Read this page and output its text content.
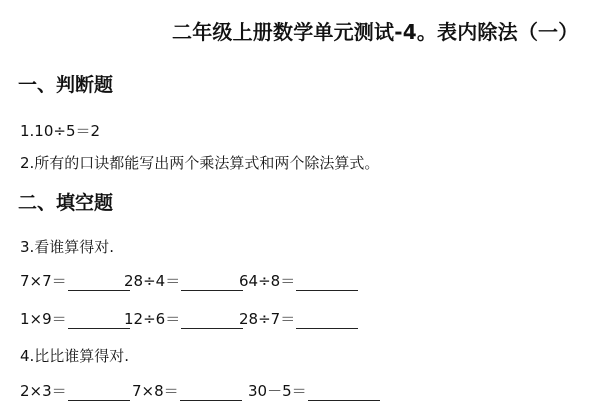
二年级上册数学单元测试-4。表内除法（一）
一、判断题
1.10÷5＝2
2.所有的口诀都能写出两个乘法算式和两个除法算式。
二、填空题
3.看谁算得对.
7×7＝	28÷4＝	64÷8＝
1×9＝	12÷6＝	28÷7＝
4.比比谁算得对.
2×3＝	7×8＝	30－5＝
